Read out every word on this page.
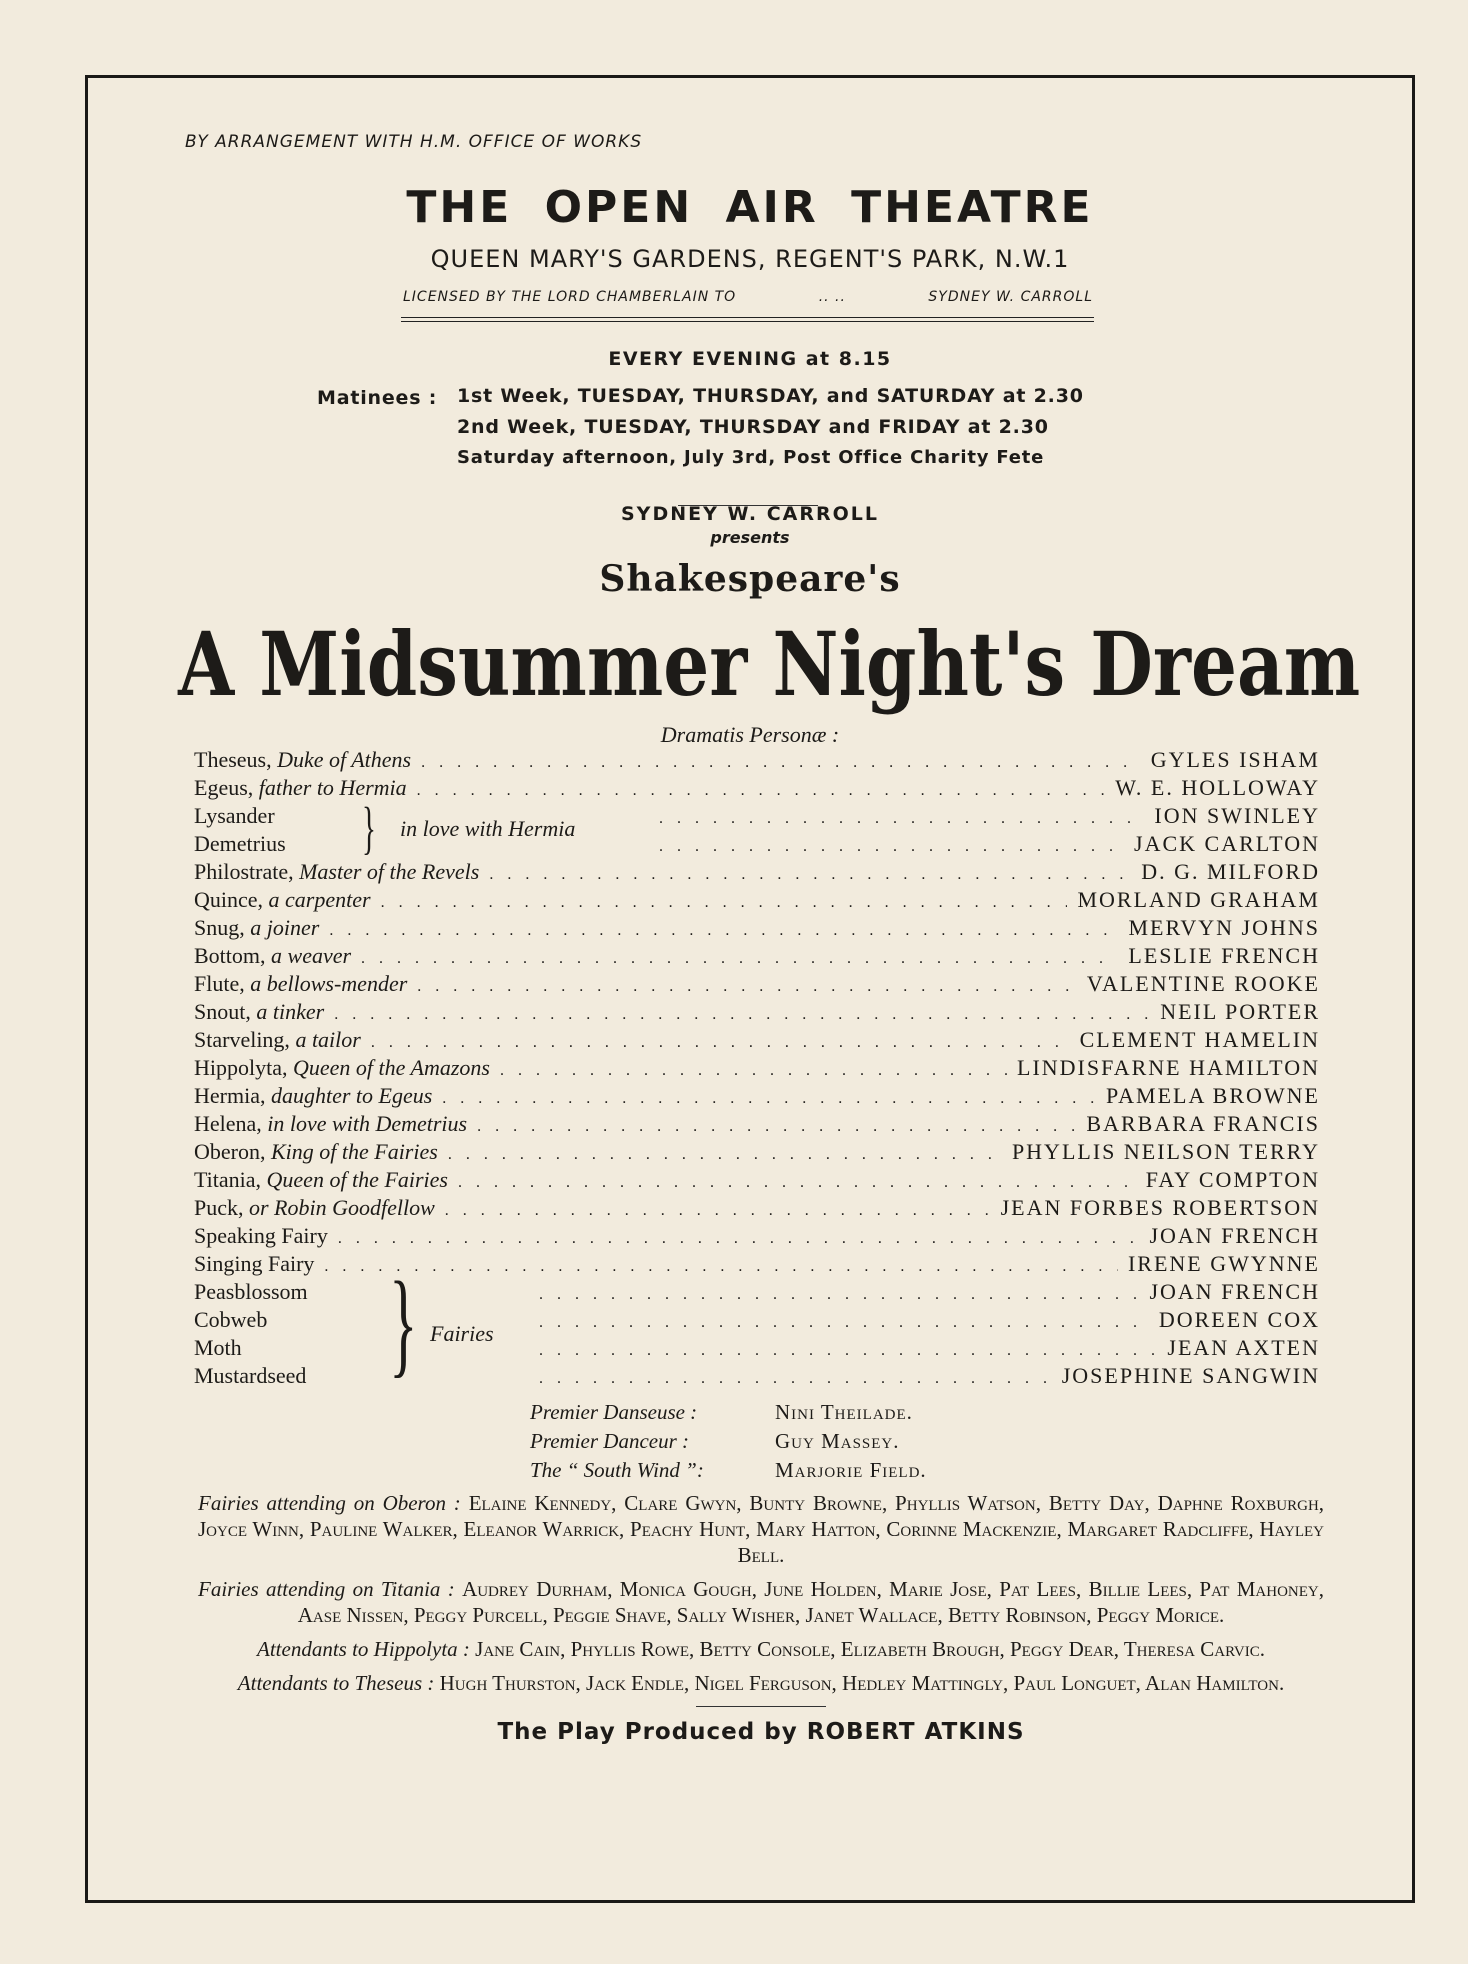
BY ARRANGEMENT WITH H.M. OFFICE OF WORKS
THE OPEN AIR THEATRE
QUEEN MARY'S GARDENS, REGENT'S PARK, N.W.1
LICENSED BY THE LORD CHAMBERLAIN TO	.. ..	SYDNEY W. CARROLL
EVERY EVENING at 8.15
Matinees : 1st Week, TUESDAY, THURSDAY, and SATURDAY at 2.30
2nd Week, TUESDAY, THURSDAY and FRIDAY at 2.30
Saturday afternoon, July 3rd, Post Office Charity Fete
SYDNEY W. CARROLL
presents
Shakespeare's
A Midsummer Night's Dream
Dramatis Personæ :
Theseus, Duke of Athens . . .	GYLES ISHAM
Egeus, father to Hermia . . .	W. E. HOLLOWAY
Lysander . . .	ION SWINLEY
Demetrius . . .	JACK CARLTON
Philostrate, Master of the Revels . . .	D. G. MILFORD
Quince, a carpenter . . .	MORLAND GRAHAM
Snug, a joiner . . .	MERVYN JOHNS
Bottom, a weaver . . .	LESLIE FRENCH
Flute, a bellows-mender . . .	VALENTINE ROOKE
Snout, a tinker . . .	NEIL PORTER
Starveling, a tailor . . .	CLEMENT HAMELIN
Hippolyta, Queen of the Amazons . . .	LINDISFARNE HAMILTON
Hermia, daughter to Egeus . . .	PAMELA BROWNE
Helena, in love with Demetrius . . .	BARBARA FRANCIS
Oberon, King of the Fairies . . .	PHYLLIS NEILSON TERRY
Titania, Queen of the Fairies . . .	FAY COMPTON
Puck, or Robin Goodfellow . . .	JEAN FORBES ROBERTSON
Speaking Fairy . . .	JOAN FRENCH
Singing Fairy . . .	IRENE GWYNNE
Peasblossom . . .	JOAN FRENCH
Cobweb . . .	DOREEN COX
Moth . . .	JEAN AXTEN
Mustardseed . . .	JOSEPHINE SANGWIN
} in love with Hermia
} Fairies
Premier Danseuse :	Nini Theilade.
Premier Danceur :	Guy Massey.
The “ South Wind ”:	Marjorie Field.
Fairies attending on Oberon : Elaine Kennedy, Clare Gwyn, Bunty Browne, Phyllis Watson, Betty Day, Daphne Roxburgh, Joyce Winn, Pauline Walker, Eleanor Warrick, Peachy Hunt, Mary Hatton, Corinne Mackenzie, Margaret Radcliffe, Hayley Bell.
Fairies attending on Titania : Audrey Durham, Monica Gough, June Holden, Marie Jose, Pat Lees, Billie Lees, Pat Mahoney, Aase Nissen, Peggy Purcell, Peggie Shave, Sally Wisher, Janet Wallace, Betty Robinson, Peggy Morice.
Attendants to Hippolyta : Jane Cain, Phyllis Rowe, Betty Console, Elizabeth Brough, Peggy Dear, Theresa Carvic.
Attendants to Theseus : Hugh Thurston, Jack Endle, Nigel Ferguson, Hedley Mattingly, Paul Longuet, Alan Hamilton.
The Play Produced by ROBERT ATKINS
